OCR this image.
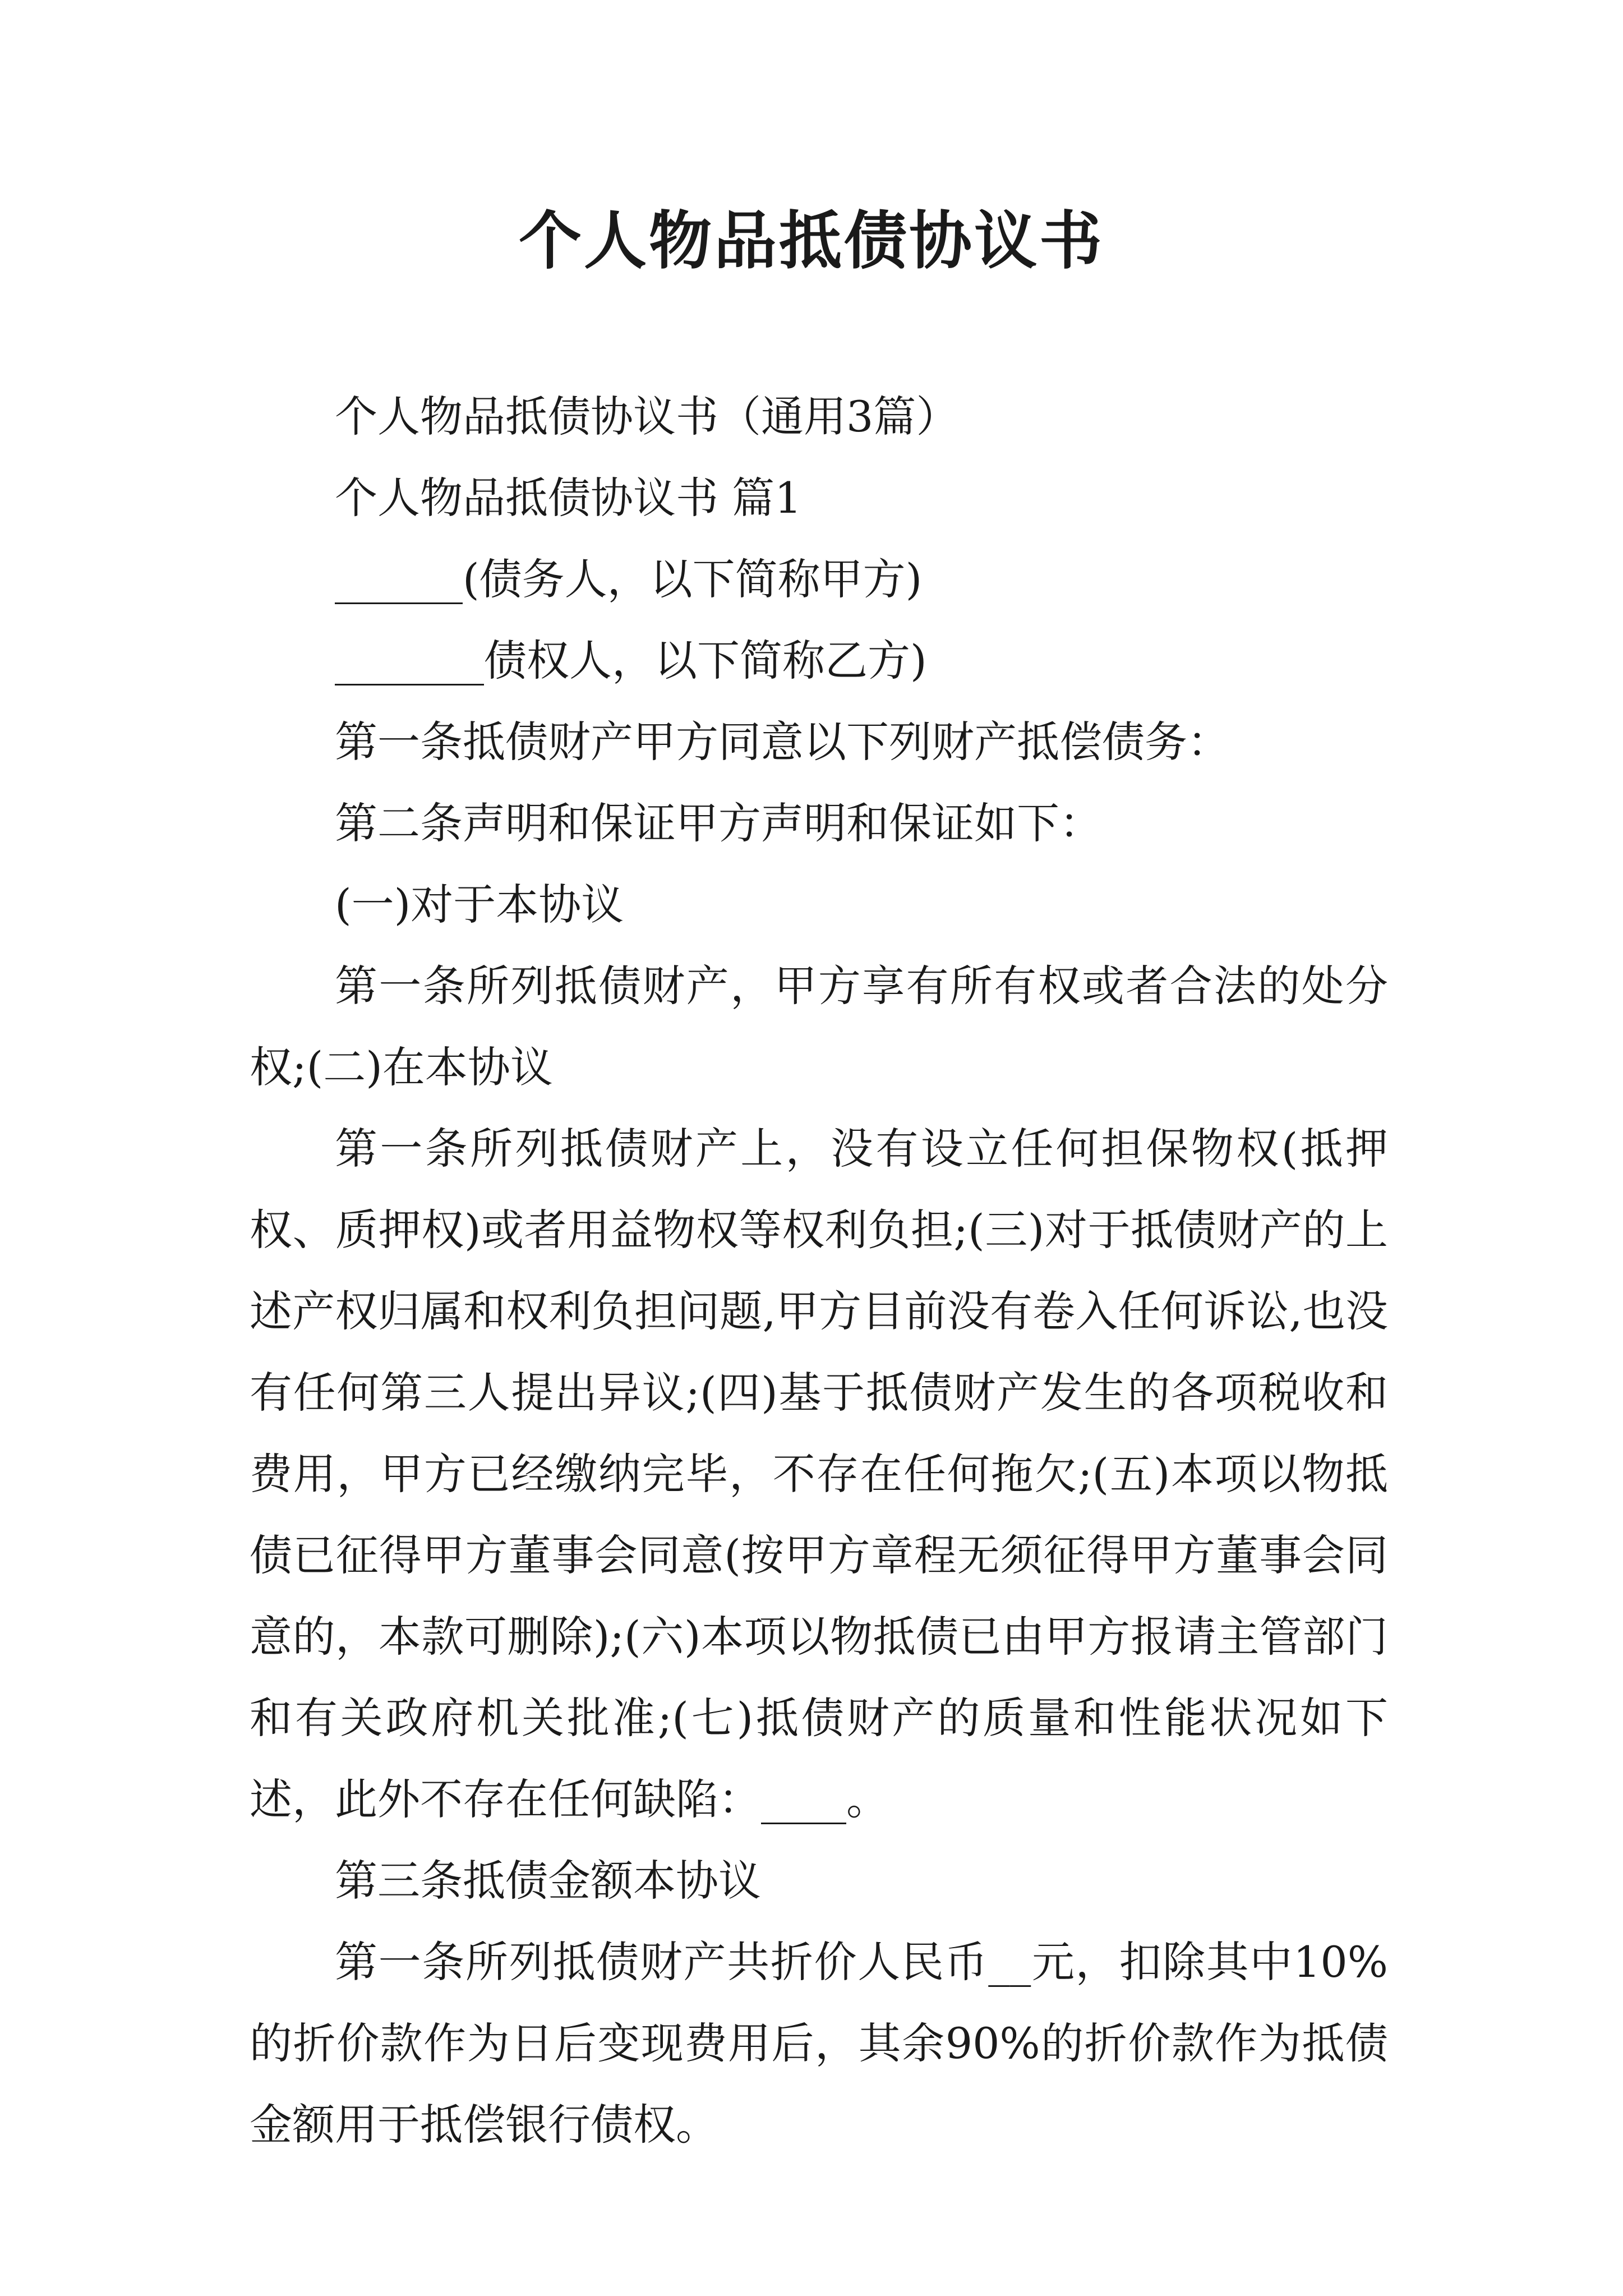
个人物品抵债协议书

个人物品抵债协议书（通用3篇）

个人物品抵债协议书 篇1

______(债务人，以下简称甲方)

_______债权人，以下简称乙方)

第一条抵债财产甲方同意以下列财产抵偿债务：

第二条声明和保证甲方声明和保证如下：

(一)对于本协议

第一条所列抵债财产，甲方享有所有权或者合法的处分权;(二)在本协议

第一条所列抵债财产上，没有设立任何担保物权(抵押权、质押权)或者用益物权等权利负担;(三)对于抵债财产的上述产权归属和权利负担问题,甲方目前没有卷入任何诉讼,也没有任何第三人提出异议;(四)基于抵债财产发生的各项税收和费用，甲方已经缴纳完毕，不存在任何拖欠;(五)本项以物抵债已征得甲方董事会同意(按甲方章程无须征得甲方董事会同意的，本款可删除);(六)本项以物抵债已由甲方报请主管部门和有关政府机关批准;(七)抵债财产的质量和性能状况如下述，此外不存在任何缺陷：____。

第三条抵债金额本协议

第一条所列抵债财产共折价人民币__元，扣除其中10%的折价款作为日后变现费用后，其余90%的折价款作为抵债金额用于抵偿银行债权。
